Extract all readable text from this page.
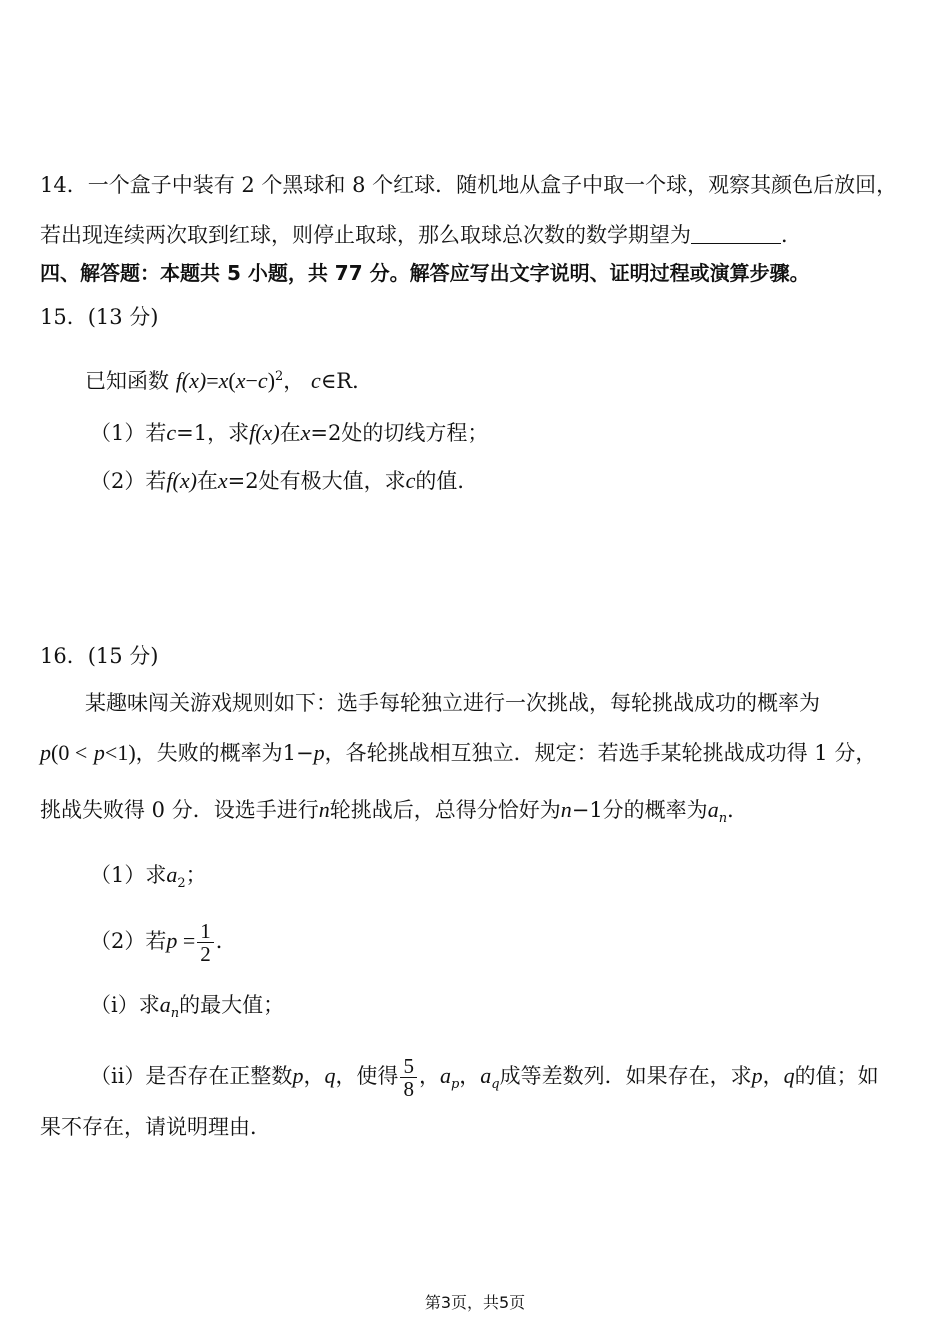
14．一个盒子中装有 2 个黑球和 8 个红球．随机地从盒子中取一个球，观察其颜色后放回，
若出现连续两次取到红球，则停止取球，那么取球总次数的数学期望为	．
四、解答题：本题共 5 小题，共 77 分。解答应写出文字说明、证明过程或演算步骤。
15．(13 分)
已知函数 $f(x)=x(x-c)^2$， c∈R．
（1）若c=1，求f(x)在x=2处的切线方程；
（2）若f(x)在x=2处有极大值，求c的值．
16．(15 分)
某趣味闯关游戏规则如下：选手每轮独立进行一次挑战，每轮挑战成功的概率为
p(0 < p<1)，失败的概率为1−p，各轮挑战相互独立．规定：若选手某轮挑战成功得 1 分，
挑战失败得 0 分．设选手进行n轮挑战后，总得分恰好为n−1分的概率为$a_n$．
（1）求$a_2$；
（2）若$p = \frac{1}{2}$ ．
（i）求$a_n$的最大值；
（ii）是否存在正整数p，q，使得 $\frac{5}{8}$ ，$a_p$，$a_q$成等差数列．如果存在，求p，q的值；如
果不存在，请说明理由．
第3页，共5页
